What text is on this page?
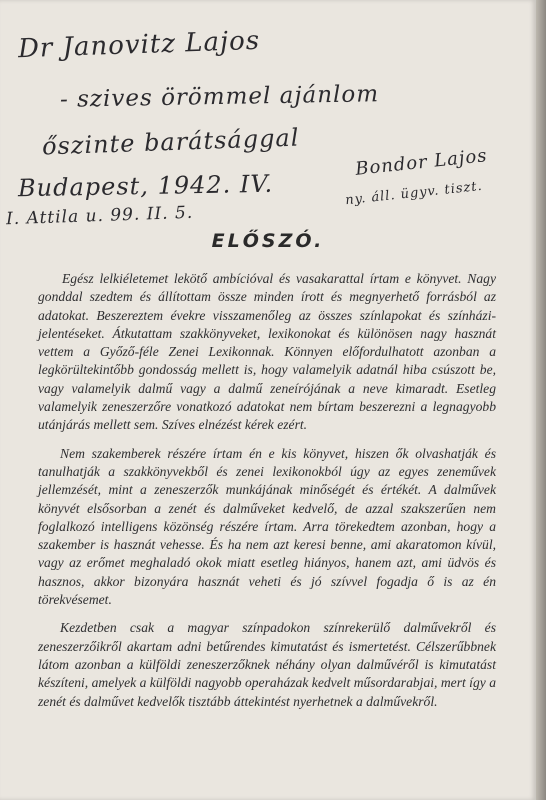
Dr Janovitz Lajos
- szives örömmel ajánlom
őszinte barátsággal
Budapest, 1942. IV.
Bondor Lajos
ny. áll. ügyv. tiszt.
I. Attila u. 99. II. 5.
ELŐSZÓ.

Egész lelkiéletemet lekötő ambícióval és vasakarattal írtam e könyvet. Nagy gonddal szedtem és állítottam össze minden írott és megnyerhető forrásból az adatokat. Beszereztem évekre visszamenőleg az összes színlapokat és színházi-jelentéseket. Átkutattam szakkönyveket, lexikonokat és különösen nagy hasznát vettem a Győző-féle Zenei Lexikonnak. Könnyen előfordulhatott azonban a legkörültekintőbb gondosság mellett is, hogy valamelyik adatnál hiba csúszott be, vagy valamelyik dalmű vagy a dalmű zeneírójának a neve kimaradt. Esetleg valamelyik zeneszerzőre vonatkozó adatokat nem bírtam beszerezni a legnagyobb utánjárás mellett sem. Szíves elnézést kérek ezért.

Nem szakemberek részére írtam én e kis könyvet, hiszen ők olvashatják és tanulhatják a szakkönyvekből és zenei lexikonokból úgy az egyes zeneművek jellemzését, mint a zeneszerzők munkájának minőségét és értékét. A dalművek könyvét elsősorban a zenét és dalműveket kedvelő, de azzal szakszerűen nem foglalkozó intelligens közönség részére írtam. Arra törekedtem azonban, hogy a szakember is hasznát vehesse. És ha nem azt keresi benne, ami akaratomon kívül, vagy az erőmet meghaladó okok miatt esetleg hiányos, hanem azt, ami üdvös és hasznos, akkor bizonyára hasznát veheti és jó szívvel fogadja ő is az én törekvésemet.

Kezdetben csak a magyar színpadokon színrekerülő dalművekről és zeneszerzőikről akartam adni betűrendes kimutatást és ismertetést. Célszerűbbnek látom azonban a külföldi zeneszerzőknek néhány olyan dalművéről is kimutatást készíteni, amelyek a külföldi nagyobb operaházak kedvelt műsordarabjai, mert így a zenét és dalművet kedvelők tisztább áttekintést nyerhetnek a dalművekről.
